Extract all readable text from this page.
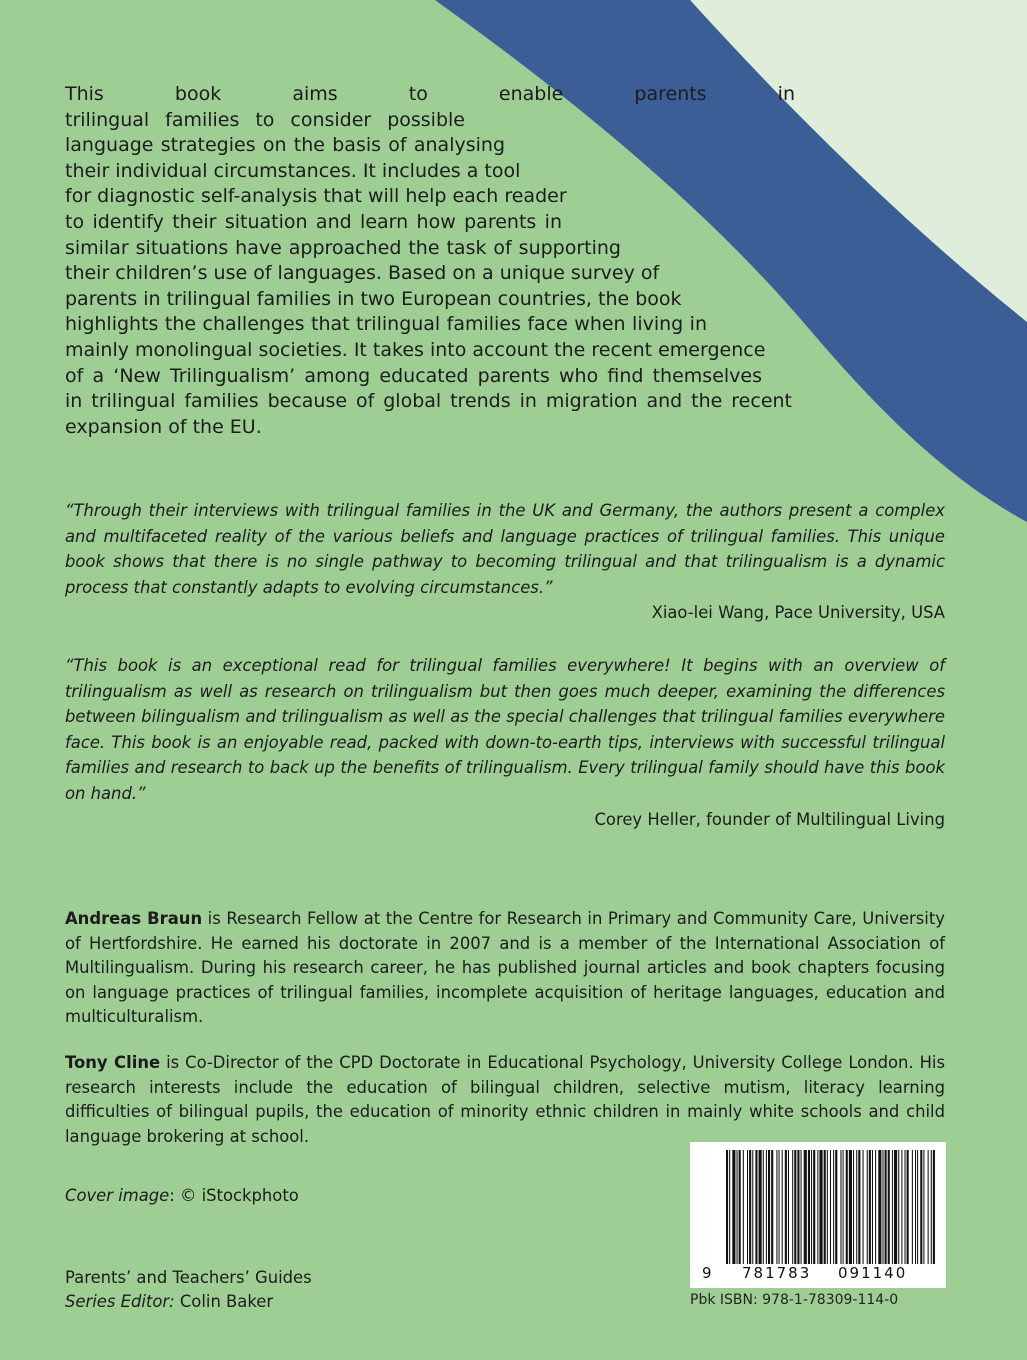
This book aims to enable parents in
trilingual families to consider possible
language strategies on the basis of analysing
their individual circumstances. It includes a tool
for diagnostic self-analysis that will help each reader
to identify their situation and learn how parents in
similar situations have approached the task of supporting
their children’s use of languages. Based on a unique survey of
parents in trilingual families in two European countries, the book
highlights the challenges that trilingual families face when living in
mainly monolingual societies. It takes into account the recent emergence
of a ‘New Trilingualism’ among educated parents who find themselves
in trilingual families because of global trends in migration and the recent
expansion of the EU.
“Through their interviews with trilingual families in the UK and Germany, the authors present a complex and multifaceted reality of the various beliefs and language practices of trilingual families. This unique book shows that there is no single pathway to becoming trilingual and that trilingualism is a dynamic process that constantly adapts to evolving circumstances.”
Xiao-lei Wang, Pace University, USA
“This book is an exceptional read for trilingual families everywhere! It begins with an overview of trilingualism as well as research on trilingualism but then goes much deeper, examining the differences between bilingualism and trilingualism as well as the special challenges that trilingual families everywhere face. This book is an enjoyable read, packed with down-to-earth tips, interviews with successful trilingual families and research to back up the benefits of trilingualism. Every trilingual family should have this book on hand.”
Corey Heller, founder of Multilingual Living
Andreas Braun is Research Fellow at the Centre for Research in Primary and Community Care, University of Hertfordshire. He earned his doctorate in 2007 and is a member of the International Association of Multilingualism. During his research career, he has published journal articles and book chapters focusing on language practices of trilingual families, incomplete acquisition of heritage languages, education and multiculturalism.
Tony Cline is Co-Director of the CPD Doctorate in Educational Psychology, University College London. His research interests include the education of bilingual children, selective mutism, literacy learning difficulties of bilingual pupils, the education of minority ethnic children in mainly white schools and child language brokering at school.
Cover image: © iStockphoto
Parents’ and Teachers’ Guides
Series Editor: Colin Baker
9 781783 091140
Pbk ISBN: 978-1-78309-114-0
